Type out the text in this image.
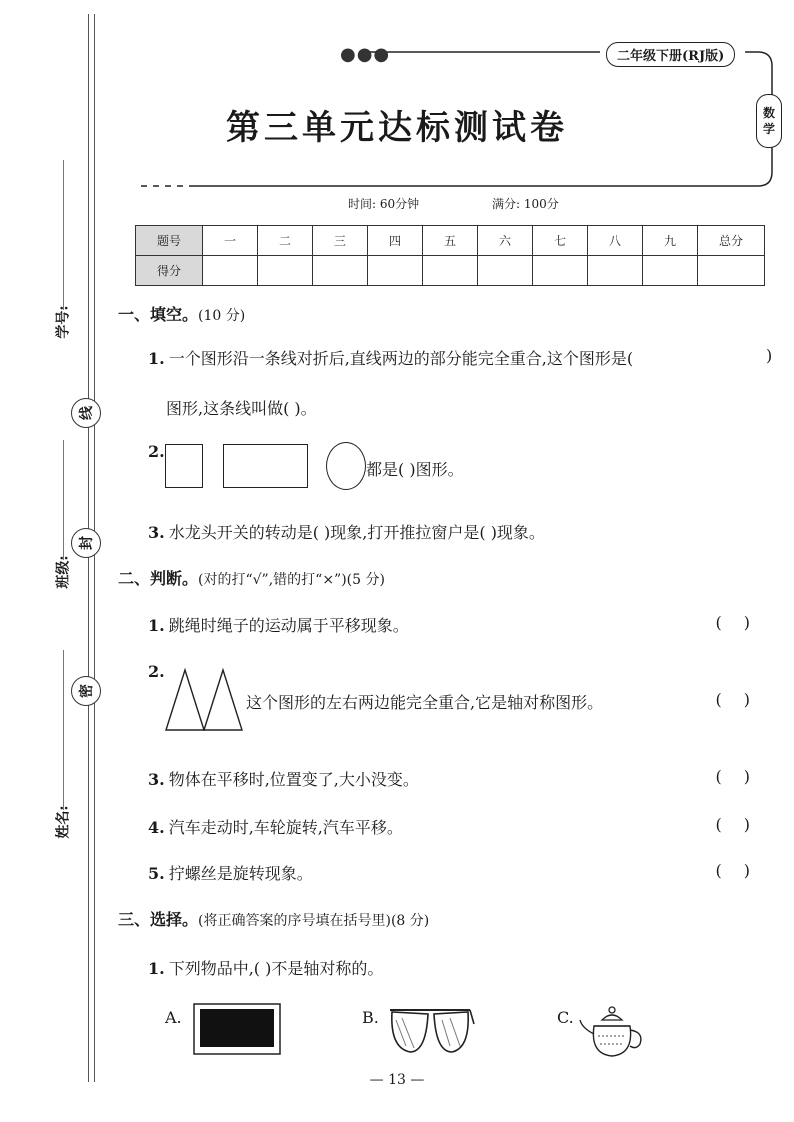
学号:
班级:
姓名:
线
封
密
●●●	二年级下册(RJ版)
第三单元达标测试卷	数
学
时间: 60分钟	满分: 100分
题号	一	二	三	四	五	六	七	八	九	总分
得分										
一、填空。(10 分)
1. 一个图形沿一条线对折后,直线两边的部分能完全重合,这个图形是(	)
图形,这条线叫做( )。
2.
都是( )图形。
3. 水龙头开关的转动是( )现象,打开推拉窗户是( )现象。
二、判断。(对的打“√”,错的打“×”)(5 分)
1. 跳绳时绳子的运动属于平移现象。	()
2.
这个图形的左右两边能完全重合,它是轴对称图形。	()
3. 物体在平移时,位置变了,大小没变。	()
4. 汽车走动时,车轮旋转,汽车平移。	()
5. 拧螺丝是旋转现象。	()
三、选择。(将正确答案的序号填在括号里)(8 分)
1. 下列物品中,( )不是轴对称的。
A.	B.	C.
— 13 —
